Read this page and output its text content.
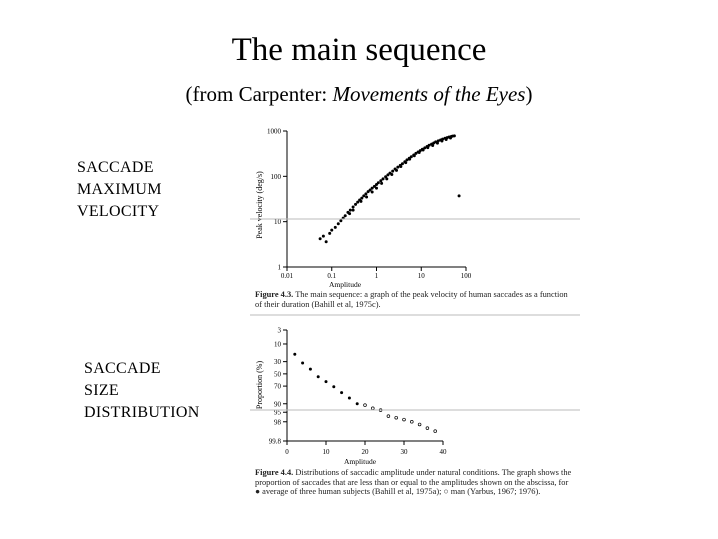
The main sequence
(from Carpenter: Movements of the Eyes)
SACCADE
MAXIMUM
VELOCITY
SACCADE
SIZE
DISTRIBUTION
1
10
100
1000
0.01	0.1	1	10	100
Peak velocity (deg/s)
Amplitude
3
10
30
50
70
90
95
98
99.8
0	10	20	30	40
Proportion (%)
Amplitude
Figure 4.3. The main sequence: a graph of the peak velocity of human saccades as a function of their duration (Bahill et al, 1975c).
Figure 4.4. Distributions of saccadic amplitude under natural conditions. The graph shows the proportion of saccades that are less than or equal to the amplitudes shown on the abscissa, for ● average of three human subjects (Bahill et al, 1975a); ○ man (Yarbus, 1967; 1976).
